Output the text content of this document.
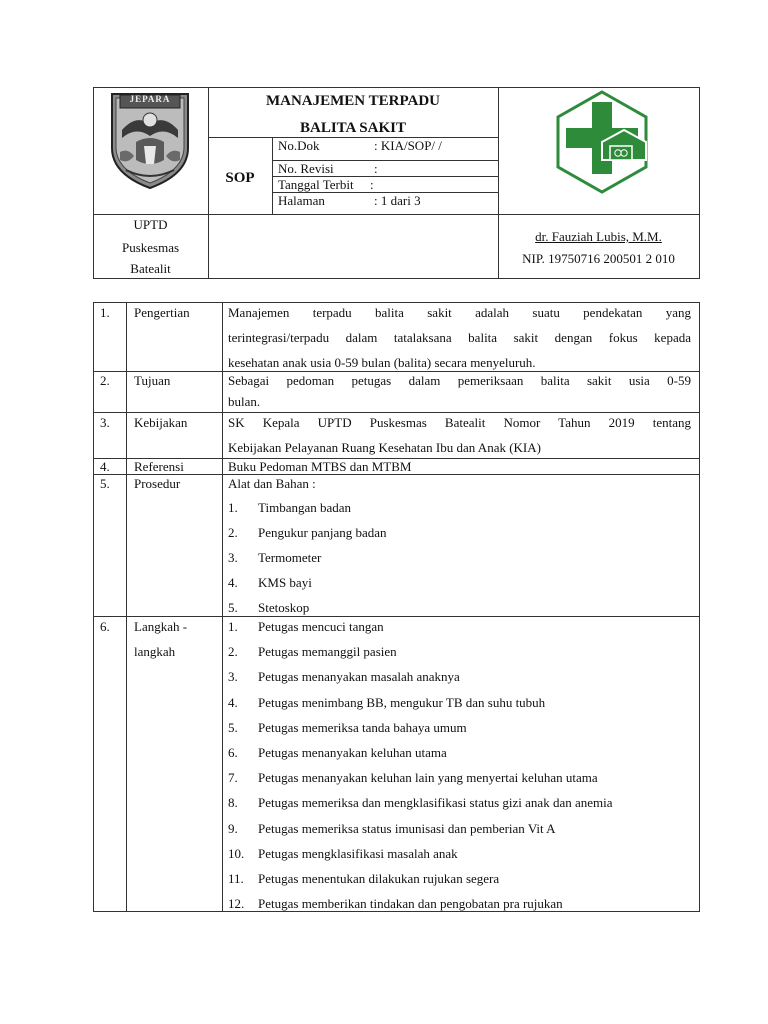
JEPARA	MANAJEMEN TERPADU
BALITA SAKIT
SOP
No.Dok	: KIA/SOP/ /
No. Revisi	:
Tanggal Terbit :
Halaman	: 1 dari 3
UPTD
Puskesmas
Batealit
dr. Fauziah Lubis, M.M.
NIP. 19750716 200501 2 010
1. Pengertian	Manajemen terpadu balita sakit adalah suatu pendekatan yang
terintegrasi/terpadu dalam tatalaksana balita sakit dengan fokus kepada
kesehatan anak usia 0-59 bulan (balita) secara menyeluruh.
2. Tujuan	Sebagai pedoman petugas dalam pemeriksaan balita sakit usia 0-59
bulan.
3. Kebijakan	SK Kepala UPTD Puskesmas Batealit Nomor Tahun 2019 tentang
Kebijakan Pelayanan Ruang Kesehatan Ibu dan Anak (KIA)
4. Referensi	Buku Pedoman MTBS dan MTBM
5. Prosedur	Alat dan Bahan :
1. Timbangan badan
2. Pengukur panjang badan
3. Termometer
4. KMS bayi
5. Stetoskop
6. Langkah -
langkah
1. Petugas mencuci tangan
2. Petugas memanggil pasien
3. Petugas menanyakan masalah anaknya
4. Petugas menimbang BB, mengukur TB dan suhu tubuh
5. Petugas memeriksa tanda bahaya umum
6. Petugas menanyakan keluhan utama
7. Petugas menanyakan keluhan lain yang menyertai keluhan utama
8. Petugas memeriksa dan mengklasifikasi status gizi anak dan anemia
9. Petugas memeriksa status imunisasi dan pemberian Vit A
10. Petugas mengklasifikasi masalah anak
11. Petugas menentukan dilakukan rujukan segera
12. Petugas memberikan tindakan dan pengobatan pra rujukan
